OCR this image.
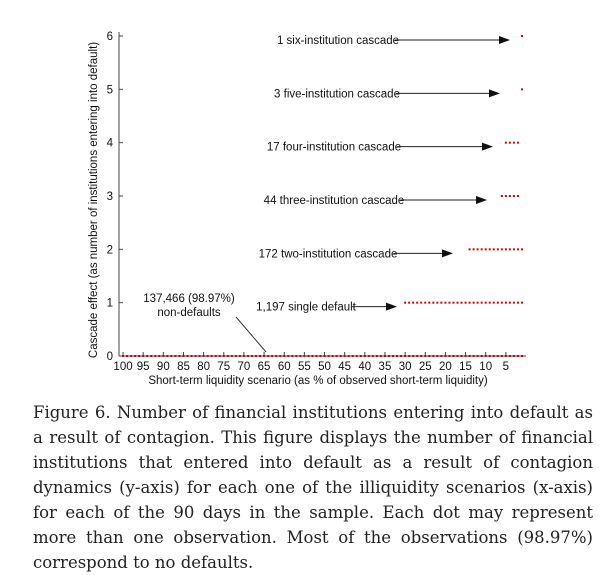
0
1
2
3
4
5
6
100 95 90 85 80 75 70 65 60 55 50 45 40 35 30 25 20 15 10 5
1 six-institution cascade
3 five-institution cascade
17 four-institution cascade
44 three-institution cascade
172 two-institution cascade
1,197 single default
137,466 (98.97%) non-defaults
Short-term liquidity scenario (as % of observed short-term liquidity)
Cascade effect (as number of institutions entering into default)
Figure 6. Number of financial institutions entering into default as a result of contagion. This figure displays the number of financial institutions that entered into default as a result of contagion dynamics (y-axis) for each one of the illiquidity scenarios (x-axis) for each of the 90 days in the sample. Each dot may represent more than one observation. Most of the observations (98.97%) correspond to no defaults.
